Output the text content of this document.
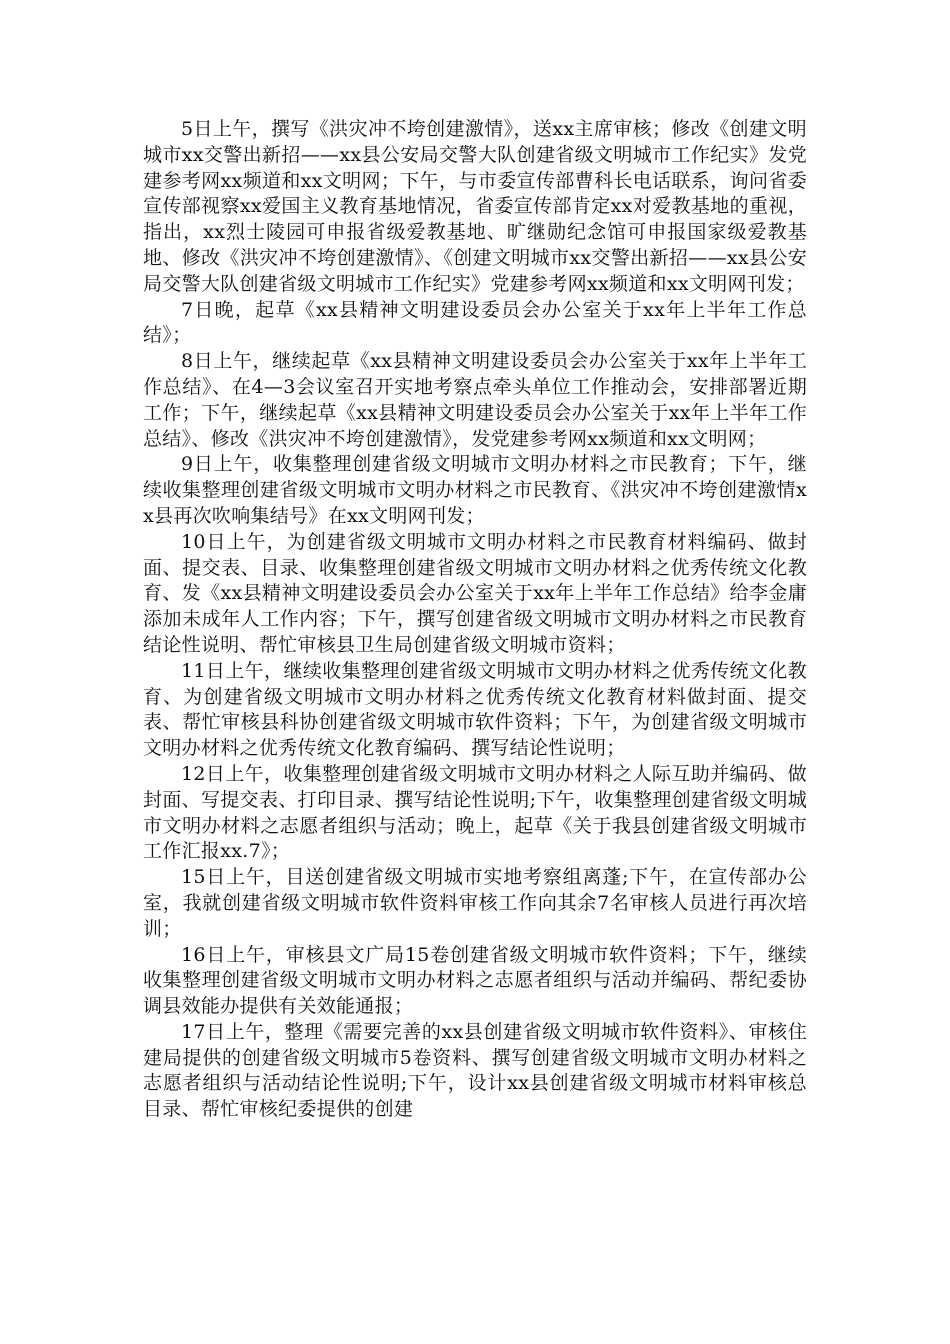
5日上午，撰写《洪灾冲不垮创建激情》，送xx主席审核；修改《创建文明城市xx交警出新招——xx县公安局交警大队创建省级文明城市工作纪实》发党建参考网xx频道和xx文明网；下午，与市委宣传部曹科长电话联系，询问省委宣传部视察xx爱国主义教育基地情况，省委宣传部肯定xx对爱教基地的重视，指出，xx烈士陵园可申报省级爱教基地、旷继勋纪念馆可申报国家级爱教基地、修改《洪灾冲不垮创建激情》、《创建文明城市xx交警出新招——xx县公安局交警大队创建省级文明城市工作纪实》党建参考网xx频道和xx文明网刊发；

7日晚，起草《xx县精神文明建设委员会办公室关于xx年上半年工作总结》；

8日上午，继续起草《xx县精神文明建设委员会办公室关于xx年上半年工作总结》、在4—3会议室召开实地考察点牵头单位工作推动会，安排部署近期工作；下午，继续起草《xx县精神文明建设委员会办公室关于xx年上半年工作总结》、修改《洪灾冲不垮创建激情》，发党建参考网xx频道和xx文明网；

9日上午，收集整理创建省级文明城市文明办材料之市民教育；下午，继续收集整理创建省级文明城市文明办材料之市民教育、《洪灾冲不垮创建激情xx县再次吹响集结号》在xx文明网刊发；

10日上午，为创建省级文明城市文明办材料之市民教育材料编码、做封面、提交表、目录、收集整理创建省级文明城市文明办材料之优秀传统文化教育、发《xx县精神文明建设委员会办公室关于xx年上半年工作总结》给李金庸添加未成年人工作内容；下午，撰写创建省级文明城市文明办材料之市民教育结论性说明、帮忙审核县卫生局创建省级文明城市资料；

11日上午，继续收集整理创建省级文明城市文明办材料之优秀传统文化教育、为创建省级文明城市文明办材料之优秀传统文化教育材料做封面、提交表、帮忙审核县科协创建省级文明城市软件资料；下午，为创建省级文明城市文明办材料之优秀传统文化教育编码、撰写结论性说明；

12日上午，收集整理创建省级文明城市文明办材料之人际互助并编码、做封面、写提交表、打印目录、撰写结论性说明;下午，收集整理创建省级文明城市文明办材料之志愿者组织与活动；晚上，起草《关于我县创建省级文明城市工作汇报xx.7》；

15日上午，目送创建省级文明城市实地考察组离蓬;下午，在宣传部办公室，我就创建省级文明城市软件资料审核工作向其余7名审核人员进行再次培训；

16日上午，审核县文广局15卷创建省级文明城市软件资料；下午，继续收集整理创建省级文明城市文明办材料之志愿者组织与活动并编码、帮纪委协调县效能办提供有关效能通报；

17日上午，整理《需要完善的xx县创建省级文明城市软件资料》、审核住建局提供的创建省级文明城市5卷资料、撰写创建省级文明城市文明办材料之志愿者组织与活动结论性说明;下午，设计xx县创建省级文明城市材料审核总目录、帮忙审核纪委提供的创建
